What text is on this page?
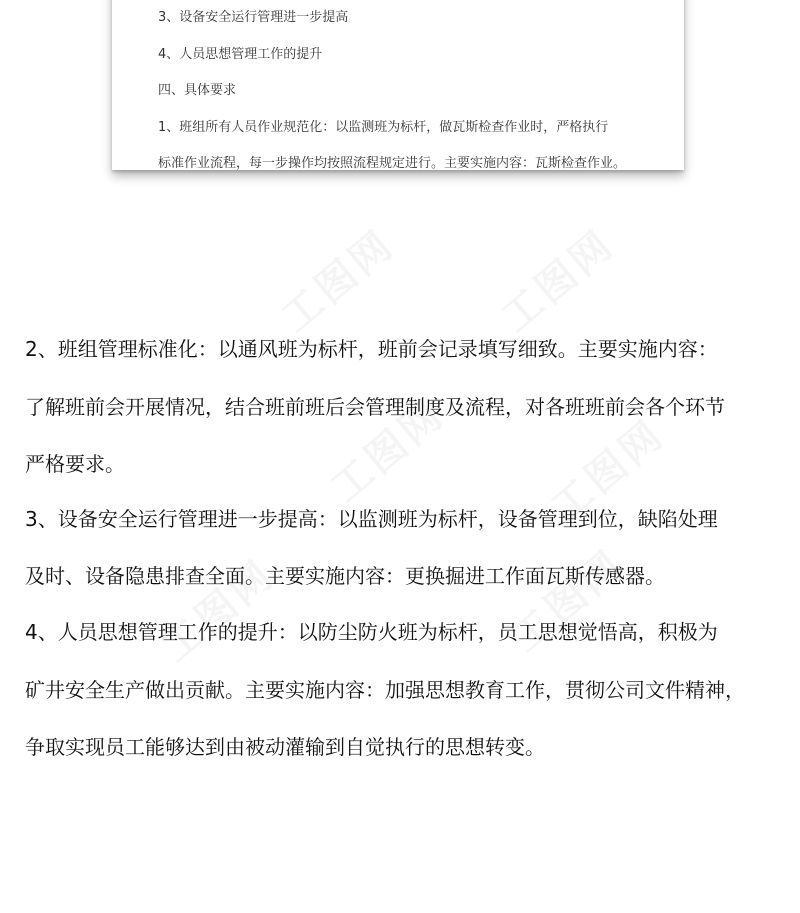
3、设备安全运行管理进一步提高
4、人员思想管理工作的提升
四、具体要求
1、班组所有人员作业规范化：以监测班为标杆，做瓦斯检查作业时，严格执行
标准作业流程，每一步操作均按照流程规定进行。主要实施内容：瓦斯检查作业。
工图网 工图网
工图网 工图网
工图网	工图网
2、班组管理标准化：以通风班为标杆，班前会记录填写细致。主要实施内容：
了解班前会开展情况，结合班前班后会管理制度及流程，对各班班前会各个环节
严格要求。
3、设备安全运行管理进一步提高：以监测班为标杆，设备管理到位，缺陷处理
及时、设备隐患排查全面。主要实施内容：更换掘进工作面瓦斯传感器。
4、人员思想管理工作的提升：以防尘防火班为标杆，员工思想觉悟高，积极为
矿井安全生产做出贡献。主要实施内容：加强思想教育工作，贯彻公司文件精神，
争取实现员工能够达到由被动灌输到自觉执行的思想转变。
